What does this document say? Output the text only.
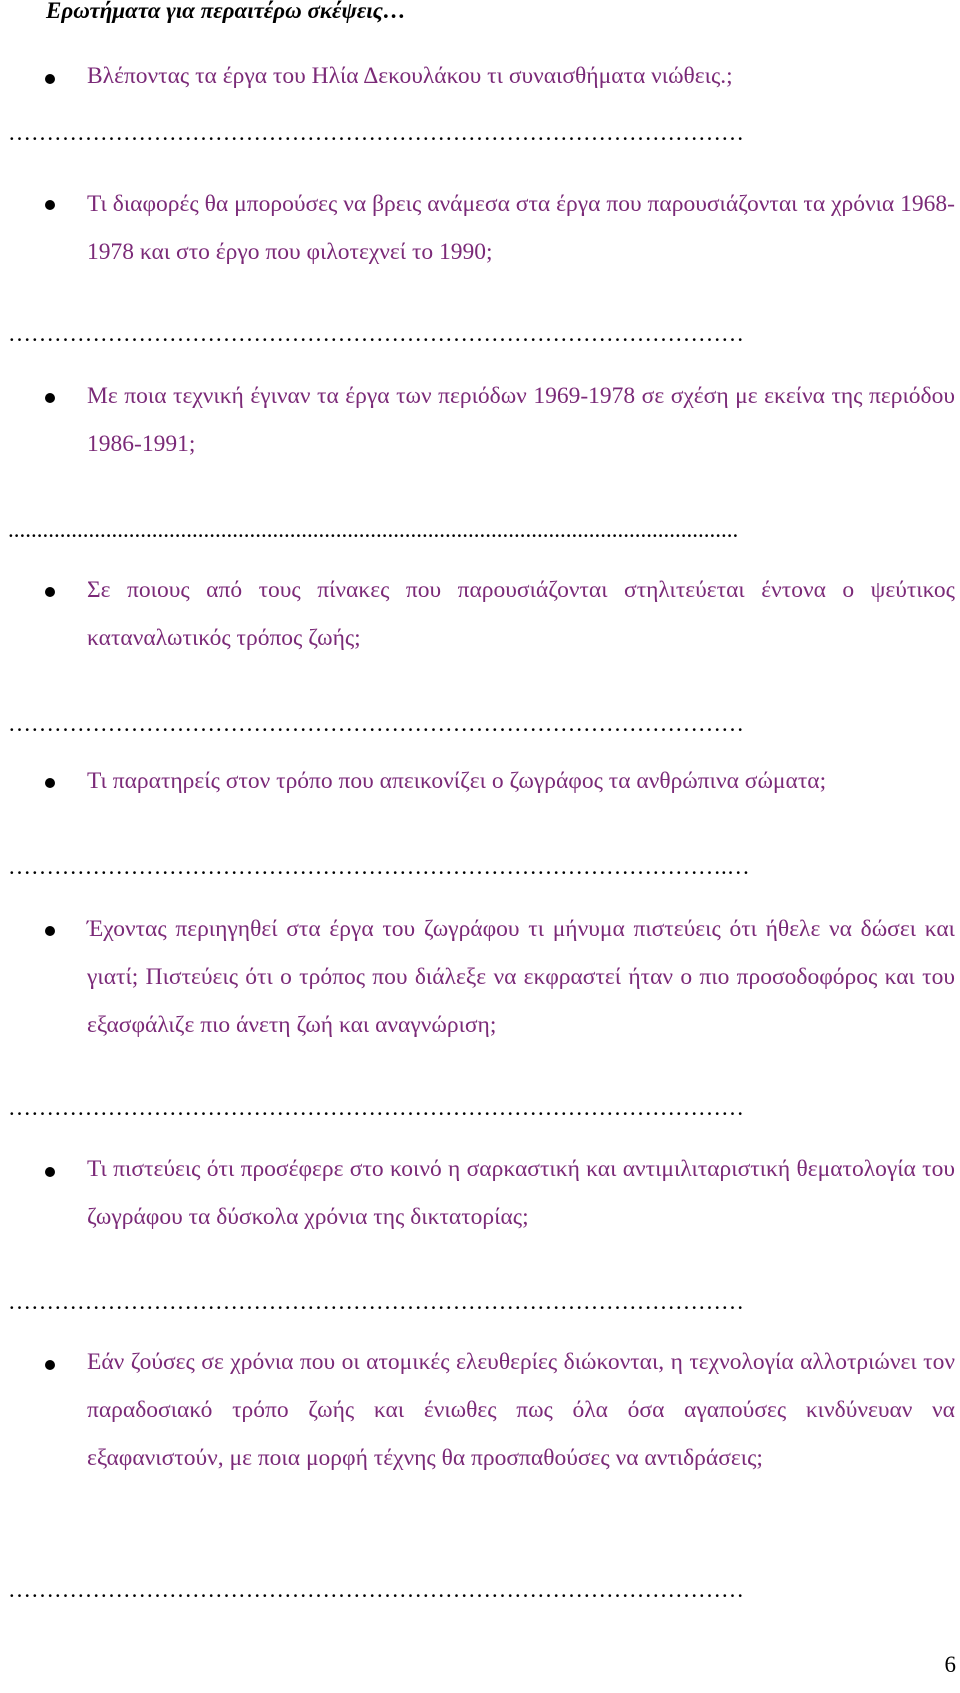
Ερωτήματα για περαιτέρω σκέψεις…
Βλέποντας τα έργα του Ηλία Δεκουλάκου τι συναισθήματα νιώθεις.;
……………………………………………………………………………………
Τι διαφορές θα μπορούσες να βρεις ανάμεσα στα έργα που παρουσιάζονται τα χρόνια 1968-1978 και στο έργο που φιλοτεχνεί το 1990;
……………………………………………………………………………………
Με ποια τεχνική έγιναν τα έργα των περιόδων 1969-1978 σε σχέση με εκείνα της περιόδου 1986-1991;
...............................................................................................................................
Σε ποιους από τους πίνακες που παρουσιάζονται στηλιτεύεται έντονα ο ψεύτικος καταναλωτικός τρόπος ζωής;
……………………………………………………………………………………
Τι παρατηρείς στον τρόπο που απεικονίζει ο ζωγράφος τα ανθρώπινα σώματα;
………………………………………………………………………………….…
Έχοντας περιηγηθεί στα έργα του ζωγράφου τι μήνυμα πιστεύεις ότι ήθελε να δώσει και γιατί; Πιστεύεις ότι ο τρόπος που διάλεξε να εκφραστεί ήταν ο πιο προσοδοφόρος και του εξασφάλιζε πιο άνετη ζωή και αναγνώριση;
……………………………………………………………………………………
Τι πιστεύεις ότι προσέφερε στο κοινό η σαρκαστική και αντιμιλιταριστική θεματολογία του ζωγράφου τα δύσκολα χρόνια της δικτατορίας;
……………………………………………………………………………………
Εάν ζούσες σε χρόνια που οι ατομικές ελευθερίες διώκονται, η τεχνολογία αλλοτριώνει τον παραδοσιακό τρόπο ζωής και ένιωθες πως όλα όσα αγαπούσες κινδύνευαν να εξαφανιστούν, με ποια μορφή τέχνης θα προσπαθούσες να αντιδράσεις;
……………………………………………………………………………………
6
